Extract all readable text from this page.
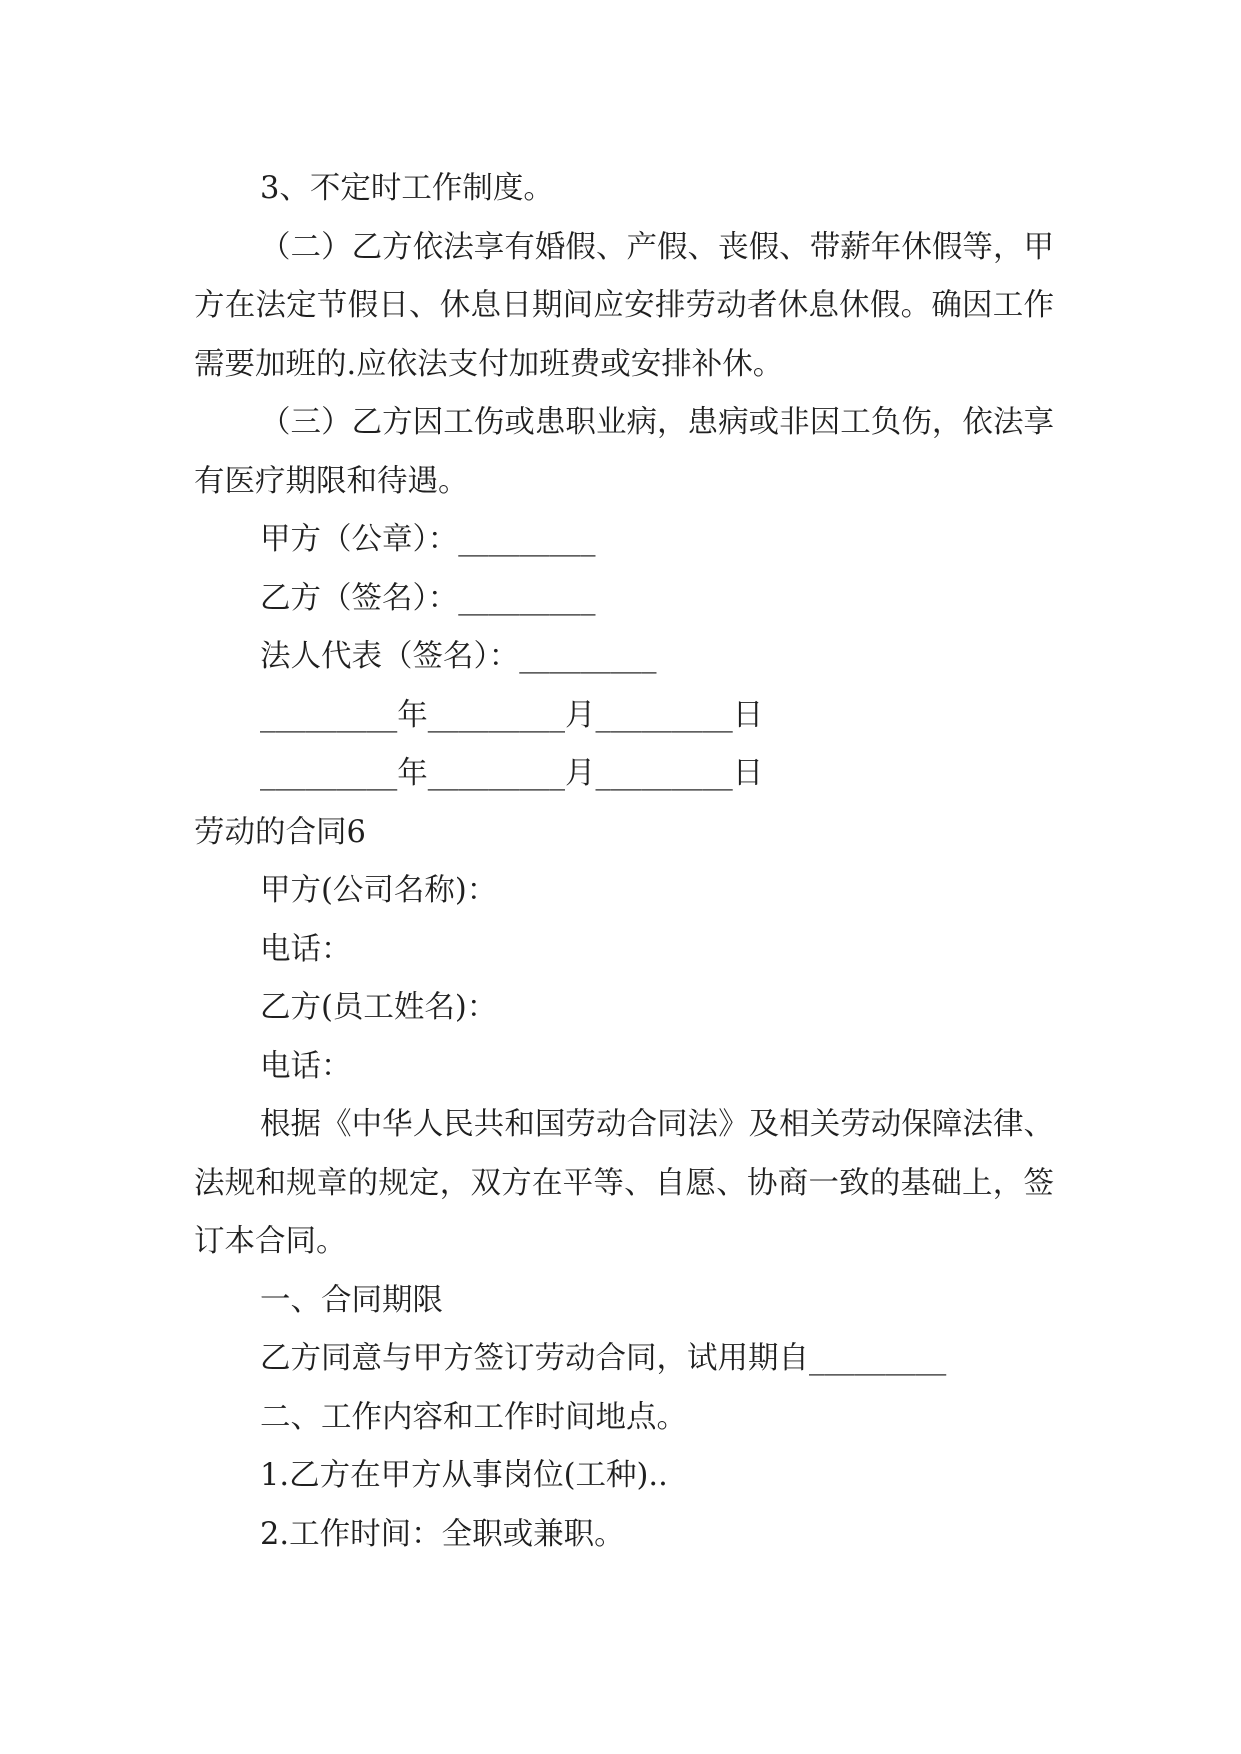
3、不定时工作制度。

（二）乙方依法享有婚假、产假、丧假、带薪年休假等，甲方在法定节假日、休息日期间应安排劳动者休息休假。确因工作需要加班的.应依法支付加班费或安排补休。

（三）乙方因工伤或患职业病，患病或非因工负伤，依法享有医疗期限和待遇。

甲方（公章）：_________

乙方（签名）：_________

法人代表（签名）：_________

_________年_________月_________日

_________年_________月_________日

劳动的合同6

甲方(公司名称)：

电话：

乙方(员工姓名)：

电话：

根据《中华人民共和国劳动合同法》及相关劳动保障法律、法规和规章的规定，双方在平等、自愿、协商一致的基础上，签订本合同。

一、合同期限

乙方同意与甲方签订劳动合同，试用期自_________

二、工作内容和工作时间地点。

1.乙方在甲方从事岗位(工种)..

2.工作时间：全职或兼职。
